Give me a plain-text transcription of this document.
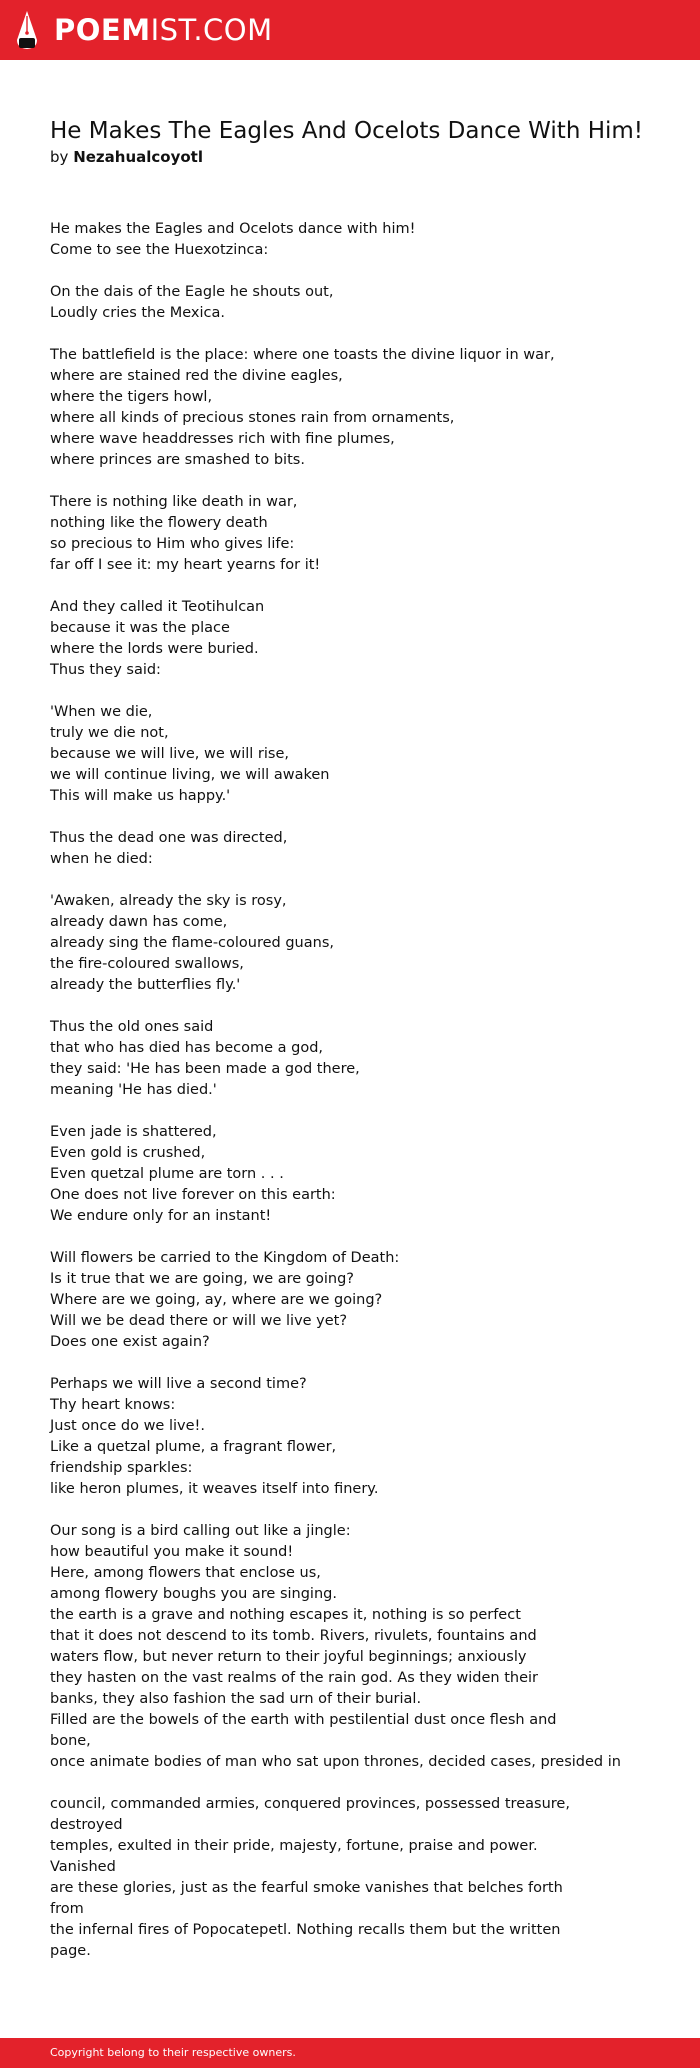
POEMIST.COM
He Makes The Eagles And Ocelots Dance With Him!
by Nezahualcoyotl
He makes the Eagles and Ocelots dance with him!
Come to see the Huexotzinca:
On the dais of the Eagle he shouts out,
Loudly cries the Mexica.
The battlefield is the place: where one toasts the divine liquor in war,
where are stained red the divine eagles,
where the tigers howl,
where all kinds of precious stones rain from ornaments,
where wave headdresses rich with fine plumes,
where princes are smashed to bits.
There is nothing like death in war,
nothing like the flowery death
so precious to Him who gives life:
far off I see it: my heart yearns for it!
And they called it Teotihulcan
because it was the place
where the lords were buried.
Thus they said:
'When we die,
truly we die not,
because we will live, we will rise,
we will continue living, we will awaken
This will make us happy.'
Thus the dead one was directed,
when he died:
'Awaken, already the sky is rosy,
already dawn has come,
already sing the flame-coloured guans,
the fire-coloured swallows,
already the butterflies fly.'
Thus the old ones said
that who has died has become a god,
they said: 'He has been made a god there,
meaning 'He has died.'
Even jade is shattered,
Even gold is crushed,
Even quetzal plume are torn . . .
One does not live forever on this earth:
We endure only for an instant!
Will flowers be carried to the Kingdom of Death:
Is it true that we are going, we are going?
Where are we going, ay, where are we going?
Will we be dead there or will we live yet?
Does one exist again?
Perhaps we will live a second time?
Thy heart knows:
Just once do we live!.
Like a quetzal plume, a fragrant flower,
friendship sparkles:
like heron plumes, it weaves itself into finery.
Our song is a bird calling out like a jingle:
how beautiful you make it sound!
Here, among flowers that enclose us,
among flowery boughs you are singing.
the earth is a grave and nothing escapes it, nothing is so perfect
that it does not descend to its tomb. Rivers, rivulets, fountains and
waters flow, but never return to their joyful beginnings; anxiously
they hasten on the vast realms of the rain god. As they widen their
banks, they also fashion the sad urn of their burial.
Filled are the bowels of the earth with pestilential dust once flesh and
bone,
once animate bodies of man who sat upon thrones, decided cases, presided in
council, commanded armies, conquered provinces, possessed treasure,
destroyed
temples, exulted in their pride, majesty, fortune, praise and power.
Vanished
are these glories, just as the fearful smoke vanishes that belches forth
from
the infernal fires of Popocatepetl. Nothing recalls them but the written
page.
Copyright belong to their respective owners.
